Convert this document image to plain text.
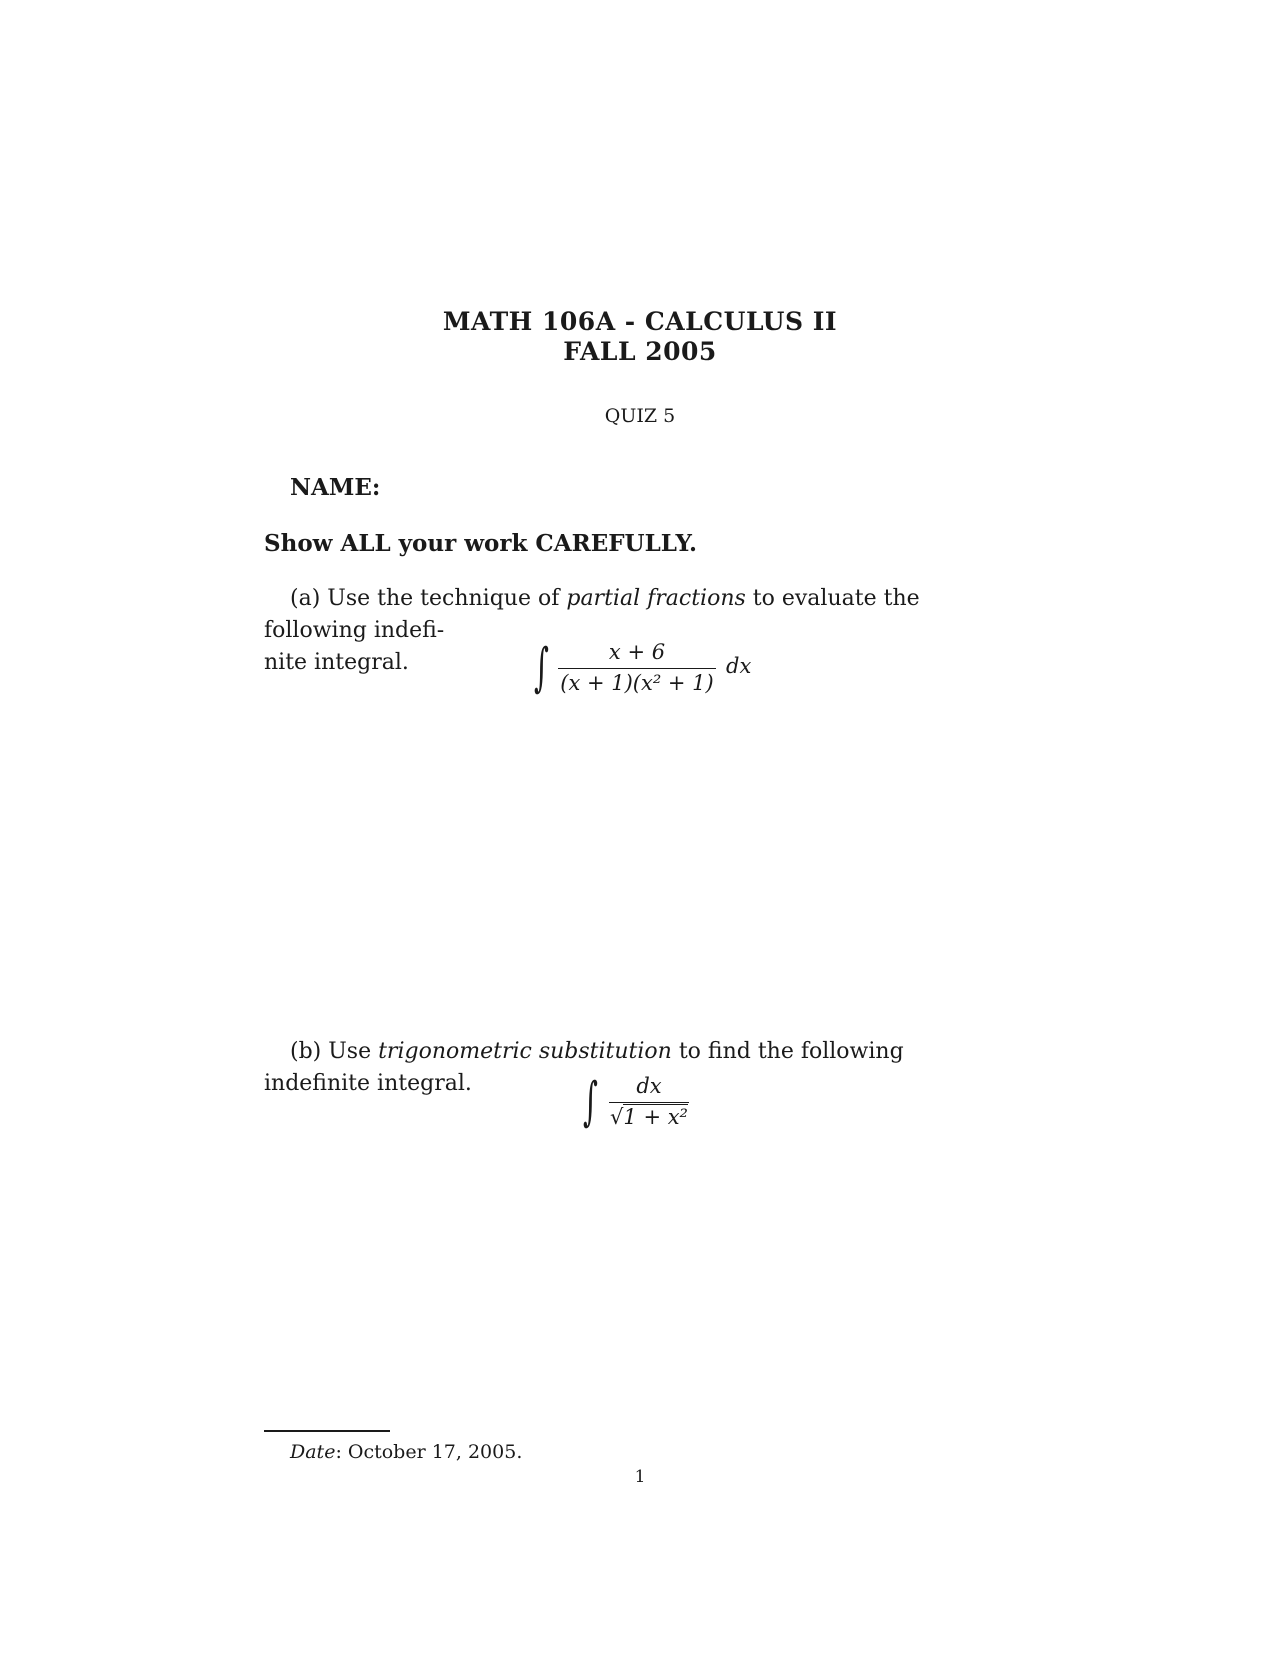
MATH 106A - CALCULUS II
FALL 2005
QUIZ 5
NAME:
Show ALL your work CAREFULLY.
(a) Use the technique of partial fractions to evaluate the following indefi-
nite integral.	∫	x + 6
(x + 1)(x² + 1)
dx
(b) Use trigonometric substitution to find the following indefinite integral.	∫	dx
√1 + x²
Date: October 17, 2005.
1
